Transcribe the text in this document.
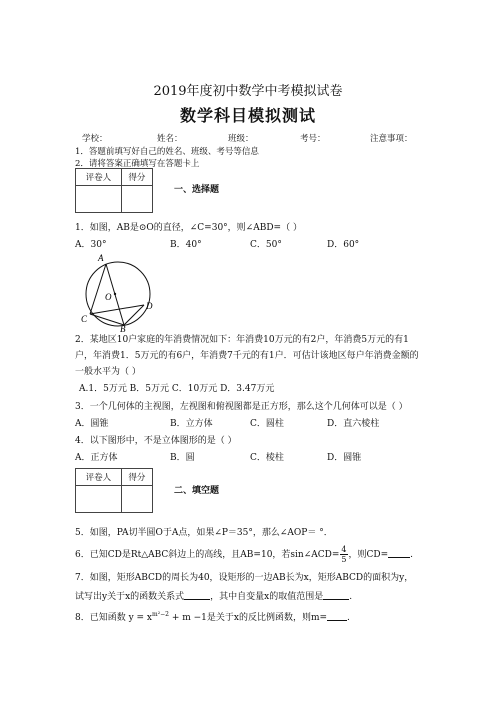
2019年度初中数学中考模拟试卷
数学科目模拟测试
学校：	姓名：	班级：	考号：	注意事项：
1．答题前填写好自己的姓名、班级、考号等信息
2．请将答案正确填写在答题卡上
评卷人	得分

一、选择题
1．如图，AB是⊙O的直径，∠C=30°，则∠ABD=（ ）
A．30°	B．40°	C．50°	D．60°
A
O
D
C
B
2．某地区10户家庭的年消费情况如下：年消费10万元的有2户，年消费5万元的有1
户，年消费1．5万元的有6户，年消费7千元的有1户．可估计该地区每户年消费金额的
一般水平为（ ）
A.1．5万元 B．5万元 C．10万元 D．3.47万元
3．一个几何体的主视图，左视图和俯视图都是正方形，那么这个几何体可以是（ ）
A．圆锥	B．立方体	C．圆柱	D．直六棱柱
4．以下图形中，不是立体图形的是（ ）
A．正方体	B．圆	C．棱柱	D．圆锥
评卷人	得分

二、填空题
5．如图，PA切半圆O于A点，如果∠P＝35°，那么∠AOP＝ °．
6．已知CD是Rt△ABC斜边上的高线，且AB=10，若sin∠ACD= $\frac{4}{5}$ ，则CD= .
7．如图，矩形ABCD的周长为40，设矩形的一边AB长为x，矩形ABCD的面积为y，
试写出y关于x的函数关系式	，其中自变量x的取值范围是	.
8．已知函数 $y = x^{m^2-2} + m -1$是关于x的反比例函数，则m= .
